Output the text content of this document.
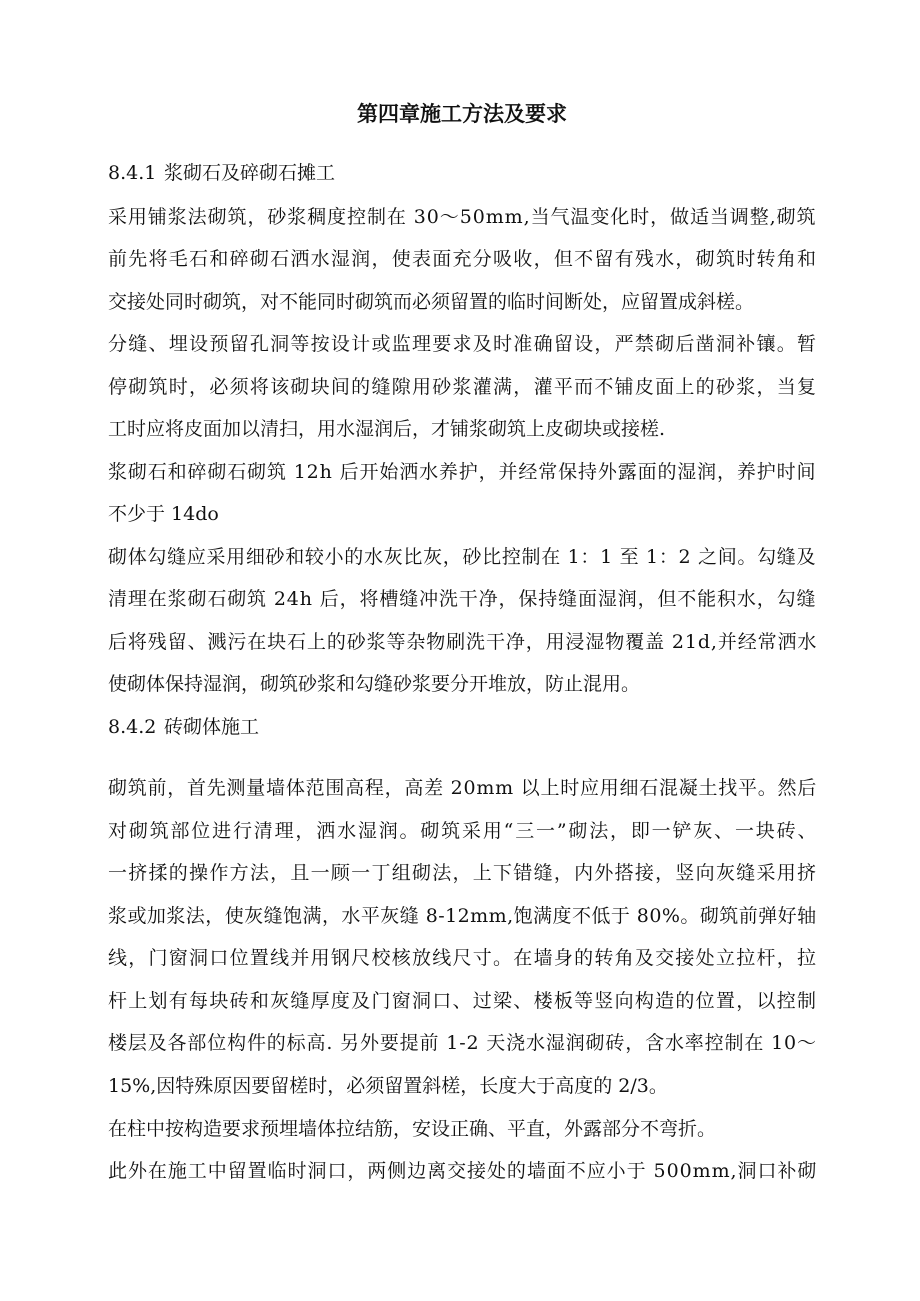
第四章施工方法及要求
8.4.1 浆砌石及碎砌石摊工
采用铺浆法砌筑，砂浆稠度控制在 30～50mm,当气温变化时，做适当调整,砌筑
前先将毛石和碎砌石洒水湿润，使表面充分吸收，但不留有残水，砌筑时转角和
交接处同时砌筑，对不能同时砌筑而必须留置的临时间断处，应留置成斜槎。
分缝、埋设预留孔洞等按设计或监理要求及时准确留设，严禁砌后凿洞补镶。暂
停砌筑时，必须将该砌块间的缝隙用砂浆灌满，灌平而不铺皮面上的砂浆，当复
工时应将皮面加以清扫，用水湿润后，才铺浆砌筑上皮砌块或接槎.
浆砌石和碎砌石砌筑 12h 后开始洒水养护，并经常保持外露面的湿润，养护时间
不少于 14do
砌体勾缝应采用细砂和较小的水灰比灰，砂比控制在 1：1 至 1：2 之间。勾缝及
清理在浆砌石砌筑 24h 后，将槽缝冲洗干净，保持缝面湿润，但不能积水，勾缝
后将残留、溅污在块石上的砂浆等杂物刷洗干净，用浸湿物覆盖 21d,并经常洒水
使砌体保持湿润，砌筑砂浆和勾缝砂浆要分开堆放，防止混用。
8.4.2 砖砌体施工
砌筑前，首先测量墙体范围高程，高差 20mm 以上时应用细石混凝土找平。然后
对砌筑部位进行清理，洒水湿润。砌筑采用“三一”砌法，即一铲灰、一块砖、
一挤揉的操作方法，且一顾一丁组砌法，上下错缝，内外搭接，竖向灰缝采用挤
浆或加浆法，使灰缝饱满，水平灰缝 8-12mm,饱满度不低于 80%。砌筑前弹好轴
线，门窗洞口位置线并用钢尺校核放线尺寸。在墙身的转角及交接处立拉杆，拉
杆上划有每块砖和灰缝厚度及门窗洞口、过梁、楼板等竖向构造的位置，以控制
楼层及各部位构件的标高. 另外要提前 1-2 天浇水湿润砌砖，含水率控制在 10～
15%,因特殊原因要留槎时，必须留置斜槎，长度大于高度的 2/3。
在柱中按构造要求预埋墙体拉结筋，安设正确、平直，外露部分不弯折。
此外在施工中留置临时洞口，两侧边离交接处的墙面不应小于 500mm,洞口补砌
